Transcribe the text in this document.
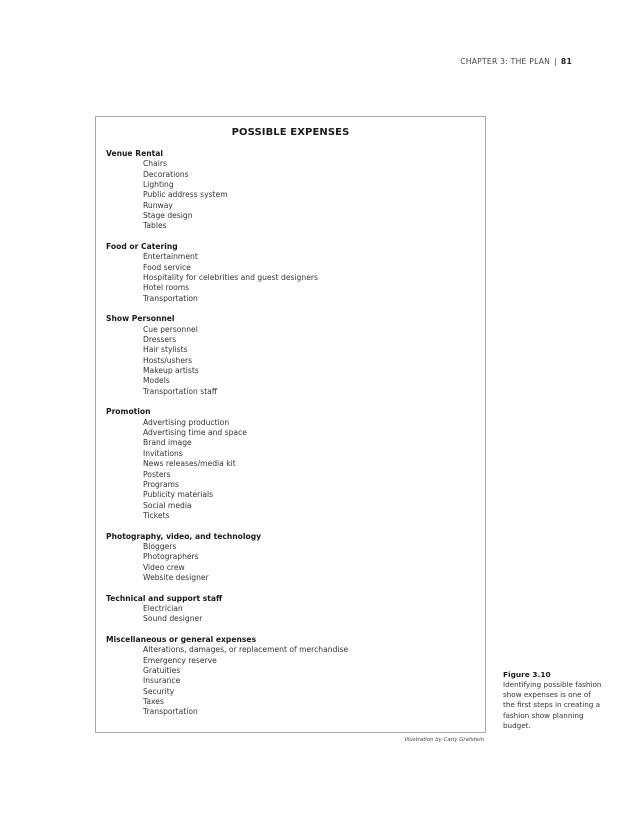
CHAPTER 3: THE PLAN | 81
POSSIBLE EXPENSES
Venue Rental
Chairs
Decorations
Lighting
Public address system
Runway
Stage design
Tables
Food or Catering
Entertainment
Food service
Hospitality for celebrities and guest designers
Hotel rooms
Transportation
Show Personnel
Cue personnel
Dressers
Hair stylists
Hosts/ushers
Makeup artists
Models
Transportation staff
Promotion
Advertising production
Advertising time and space
Brand image
Invitations
News releases/media kit
Posters
Programs
Publicity materials
Social media
Tickets
Photography, video, and technology
Bloggers
Photographers
Video crew
Website designer
Technical and support staff
Electrician
Sound designer
Miscellaneous or general expenses
Alterations, damages, or replacement of merchandise
Emergency reserve
Gratuities
Insurance
Security
Taxes
Transportation
Illustration by Carly Grafstein
Figure 3.10
Identifying possible fashion show expenses is one of the first steps in creating a fashion show planning budget.
